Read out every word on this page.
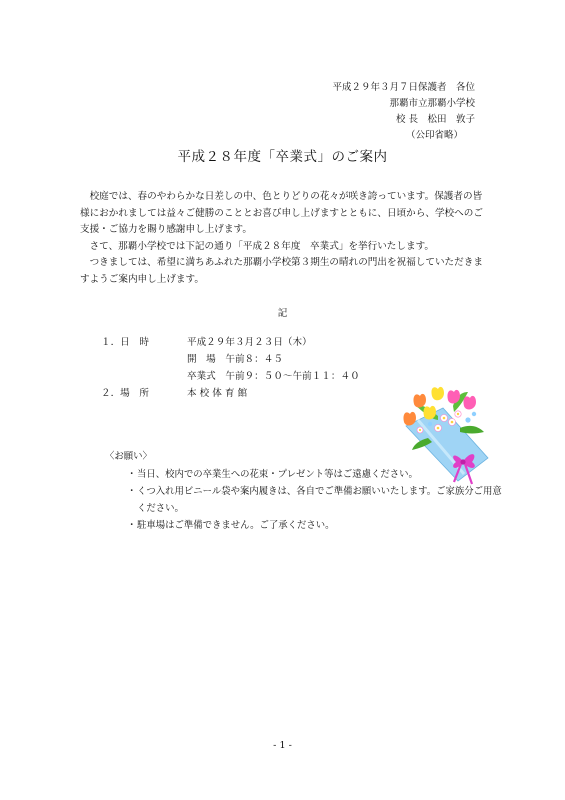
平成２９年３月７日保護者　各位
那覇市立那覇小学校
校 長　松田　敦子
（公印省略）
平成２８年度「卒業式」のご案内

校庭では、春のやわらかな日差しの中、色とりどりの花々が咲き誇っています。保護者の皆様におかれましては益々ご健勝のこととお喜び申し上げますとともに、日頃から、学校へのご支援・ご協力を賜り感謝申し上げます。

さて、那覇小学校では下記の通り「平成２８年度　卒業式」を挙行いたします。

つきましては、希望に満ちあふれた那覇小学校第３期生の晴れの門出を祝福していただきますようご案内申し上げます。

記
１．日　時	平成２９年３月２３日（木）
開　場　午前８：４５
卒業式　午前９：５０～午前１１：４０
２．場　所	本 校 体 育 館
〈お願い〉
・ 当日、校内での卒業生への花束・プレゼント等はご遠慮ください。
・ くつ入れ用ビニール袋や案内履きは、各自でご準備お願いいたします。ご家族分ご用意ください。
・ 駐車場はご準備できません。ご了承ください。
- 1 -
